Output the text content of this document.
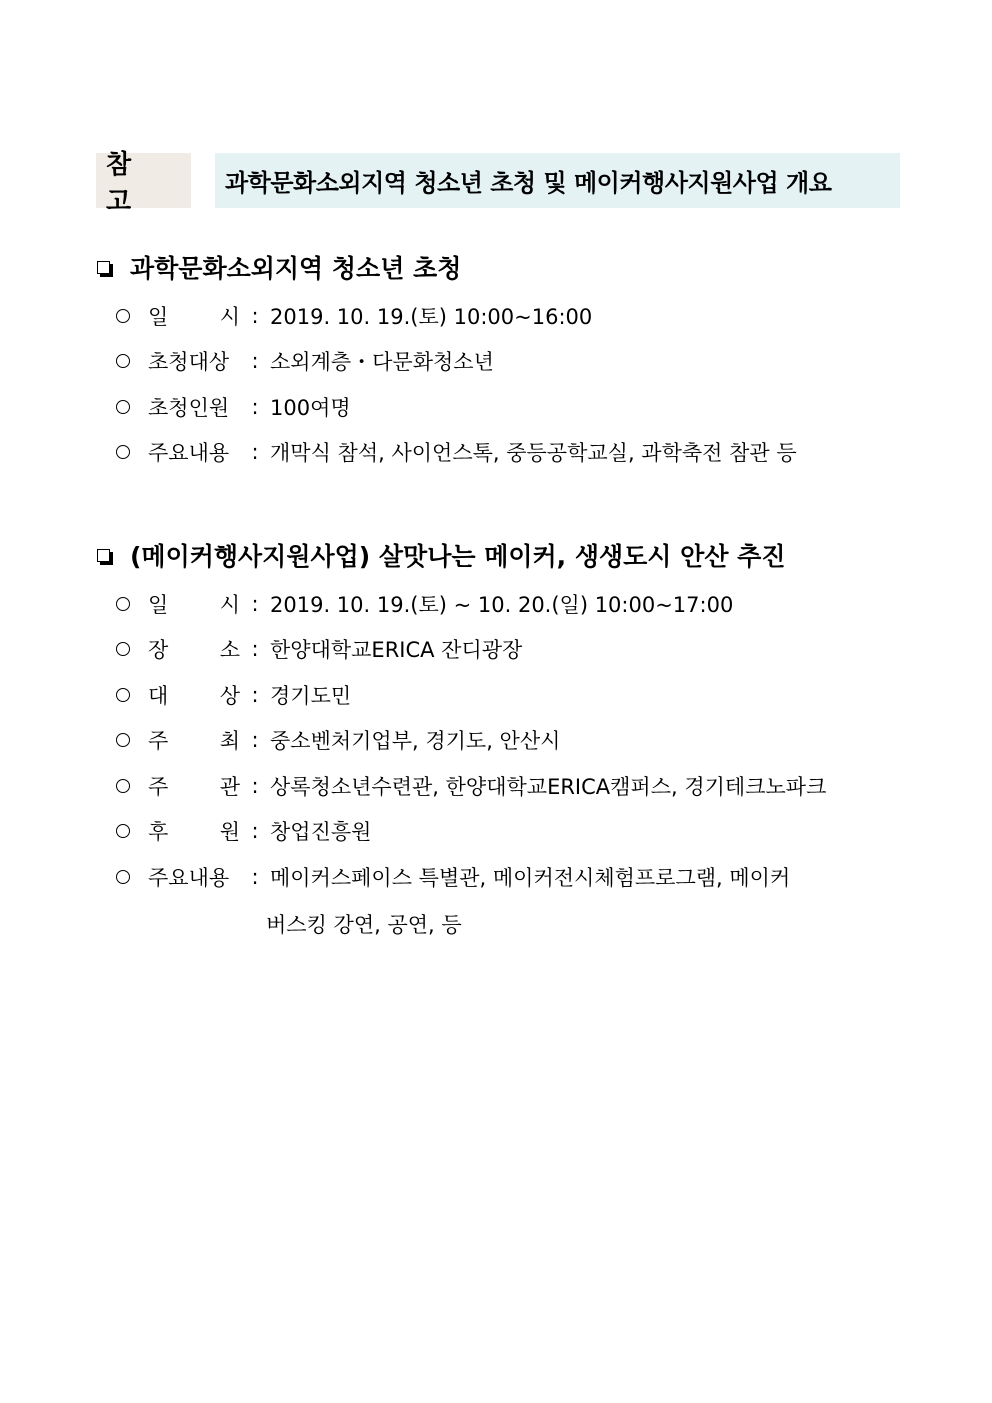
참 고
과학문화소외지역 청소년 초청 및 메이커행사지원사업 개요
과학문화소외지역 청소년 초청
일 시 : 2019. 10. 19.(토) 10:00~16:00
초청대상	: 소외계층・다문화청소년
초청인원	: 100여명
주요내용	: 개막식 참석, 사이언스톡, 중등공학교실, 과학축전 참관 등
(메이커행사지원사업) 살맛나는 메이커, 생생도시 안산 추진
일 시 : 2019. 10. 19.(토) ~ 10. 20.(일) 10:00~17:00
장 소 : 한양대학교ERICA 잔디광장
대 상 : 경기도민
주 최 : 중소벤처기업부, 경기도, 안산시
주 관 : 상록청소년수련관, 한양대학교ERICA캠퍼스, 경기테크노파크
후 원 : 창업진흥원
주요내용	: 메이커스페이스 특별관, 메이커전시체험프로그램, 메이커
버스킹 강연, 공연, 등
